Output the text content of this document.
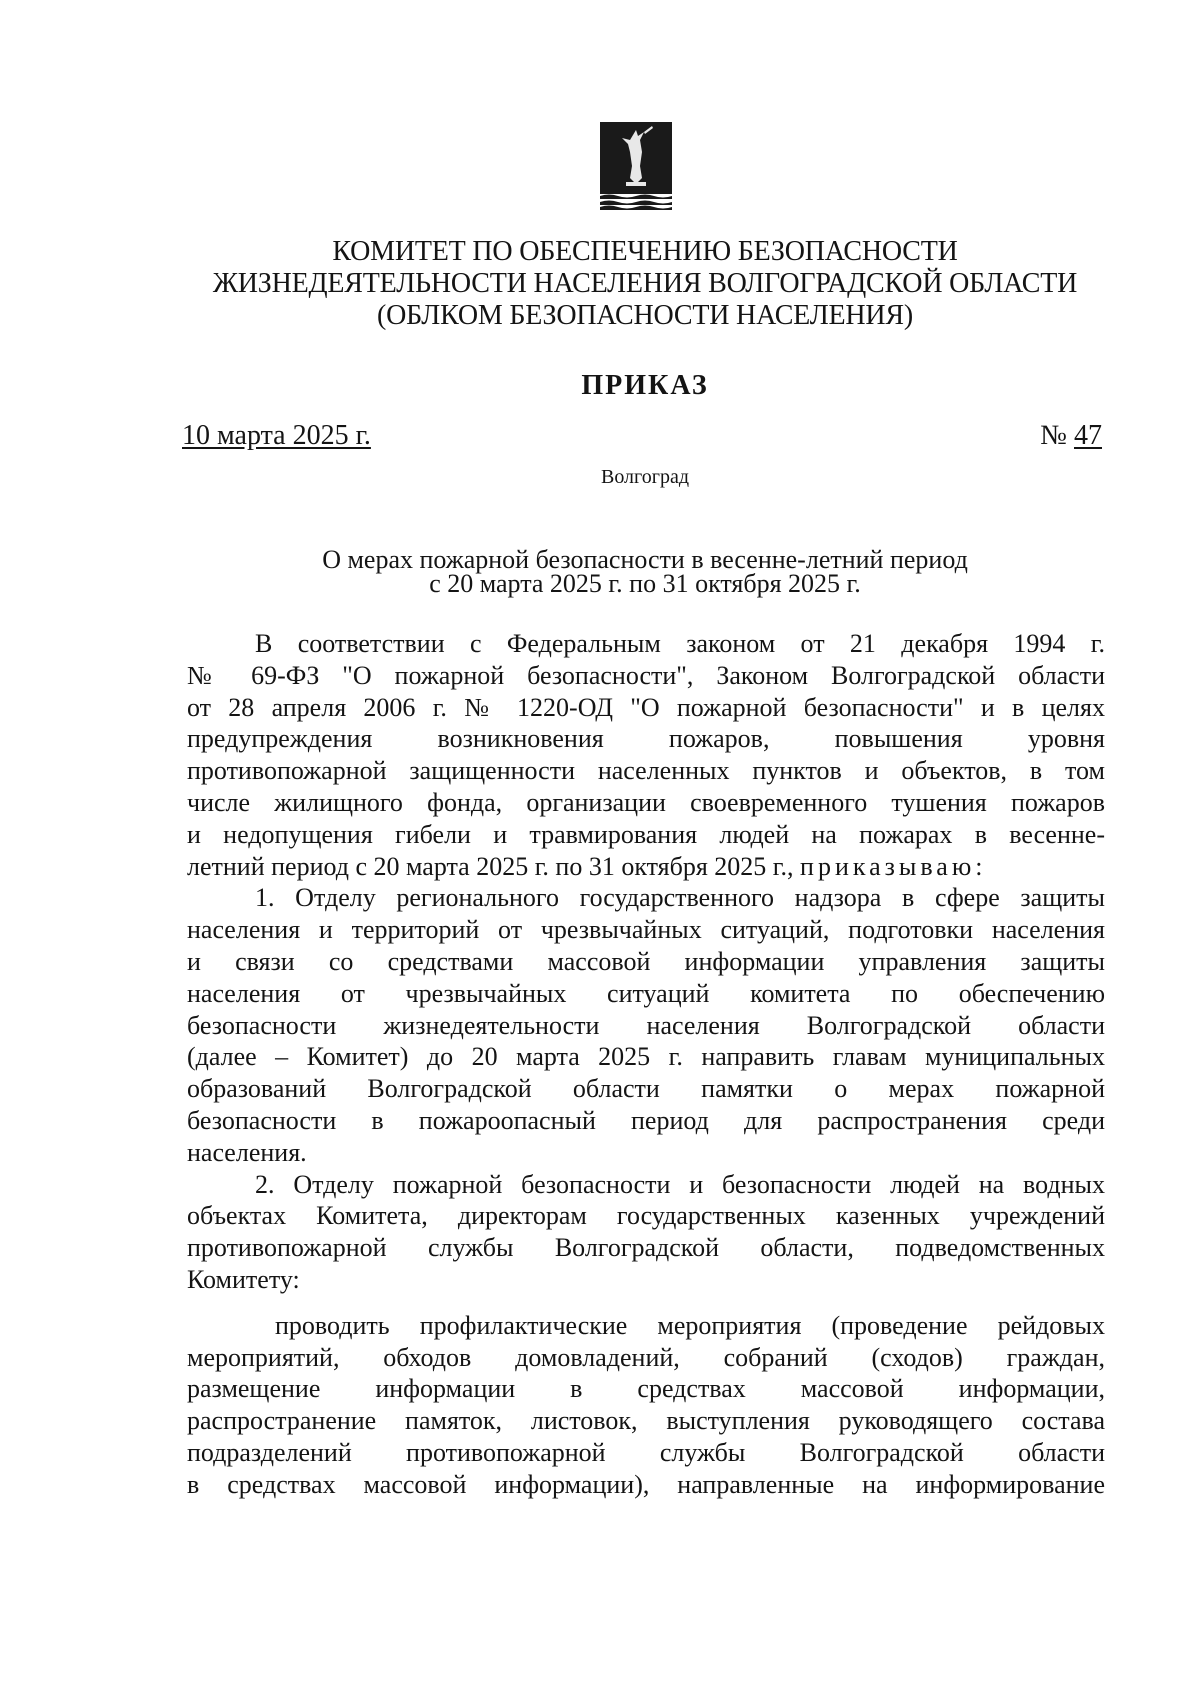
КОМИТЕТ ПО ОБЕСПЕЧЕНИЮ БЕЗОПАСНОСТИ
ЖИЗНЕДЕЯТЕЛЬНОСТИ НАСЕЛЕНИЯ ВОЛГОГРАДСКОЙ ОБЛАСТИ
(ОБЛКОМ БЕЗОПАСНОСТИ НАСЕЛЕНИЯ)
ПРИКАЗ
10 марта 2025 г.	№ 47
Волгоград
О мерах пожарной безопасности в весенне-летний период
с 20 марта 2025 г. по 31 октября 2025 г.
В соответствии с Федеральным законом от 21 декабря 1994 г.
№ 69-ФЗ "О пожарной безопасности", Законом Волгоградской области
от 28 апреля 2006 г. № 1220-ОД "О пожарной безопасности" и в целях
предупреждения возникновения пожаров, повышения уровня
противопожарной защищенности населенных пунктов и объектов, в том
числе жилищного фонда, организации своевременного тушения пожаров
и недопущения гибели и травмирования людей на пожарах в весенне-
летний период с 20 марта 2025 г. по 31 октября 2025 г., приказываю:
1. Отделу регионального государственного надзора в сфере защиты
населения и территорий от чрезвычайных ситуаций, подготовки населения
и связи со средствами массовой информации управления защиты
населения от чрезвычайных ситуаций комитета по обеспечению
безопасности жизнедеятельности населения Волгоградской области
(далее – Комитет) до 20 марта 2025 г. направить главам муниципальных
образований Волгоградской области памятки о мерах пожарной
безопасности в пожароопасный период для распространения среди
населения.
2. Отделу пожарной безопасности и безопасности людей на водных
объектах Комитета, директорам государственных казенных учреждений
противопожарной службы Волгоградской области, подведомственных
Комитету:
проводить профилактические мероприятия (проведение рейдовых
мероприятий, обходов домовладений, собраний (сходов) граждан,
размещение информации в средствах массовой информации,
распространение памяток, листовок, выступления руководящего состава
подразделений противопожарной службы Волгоградской области
в средствах массовой информации), направленные на информирование
